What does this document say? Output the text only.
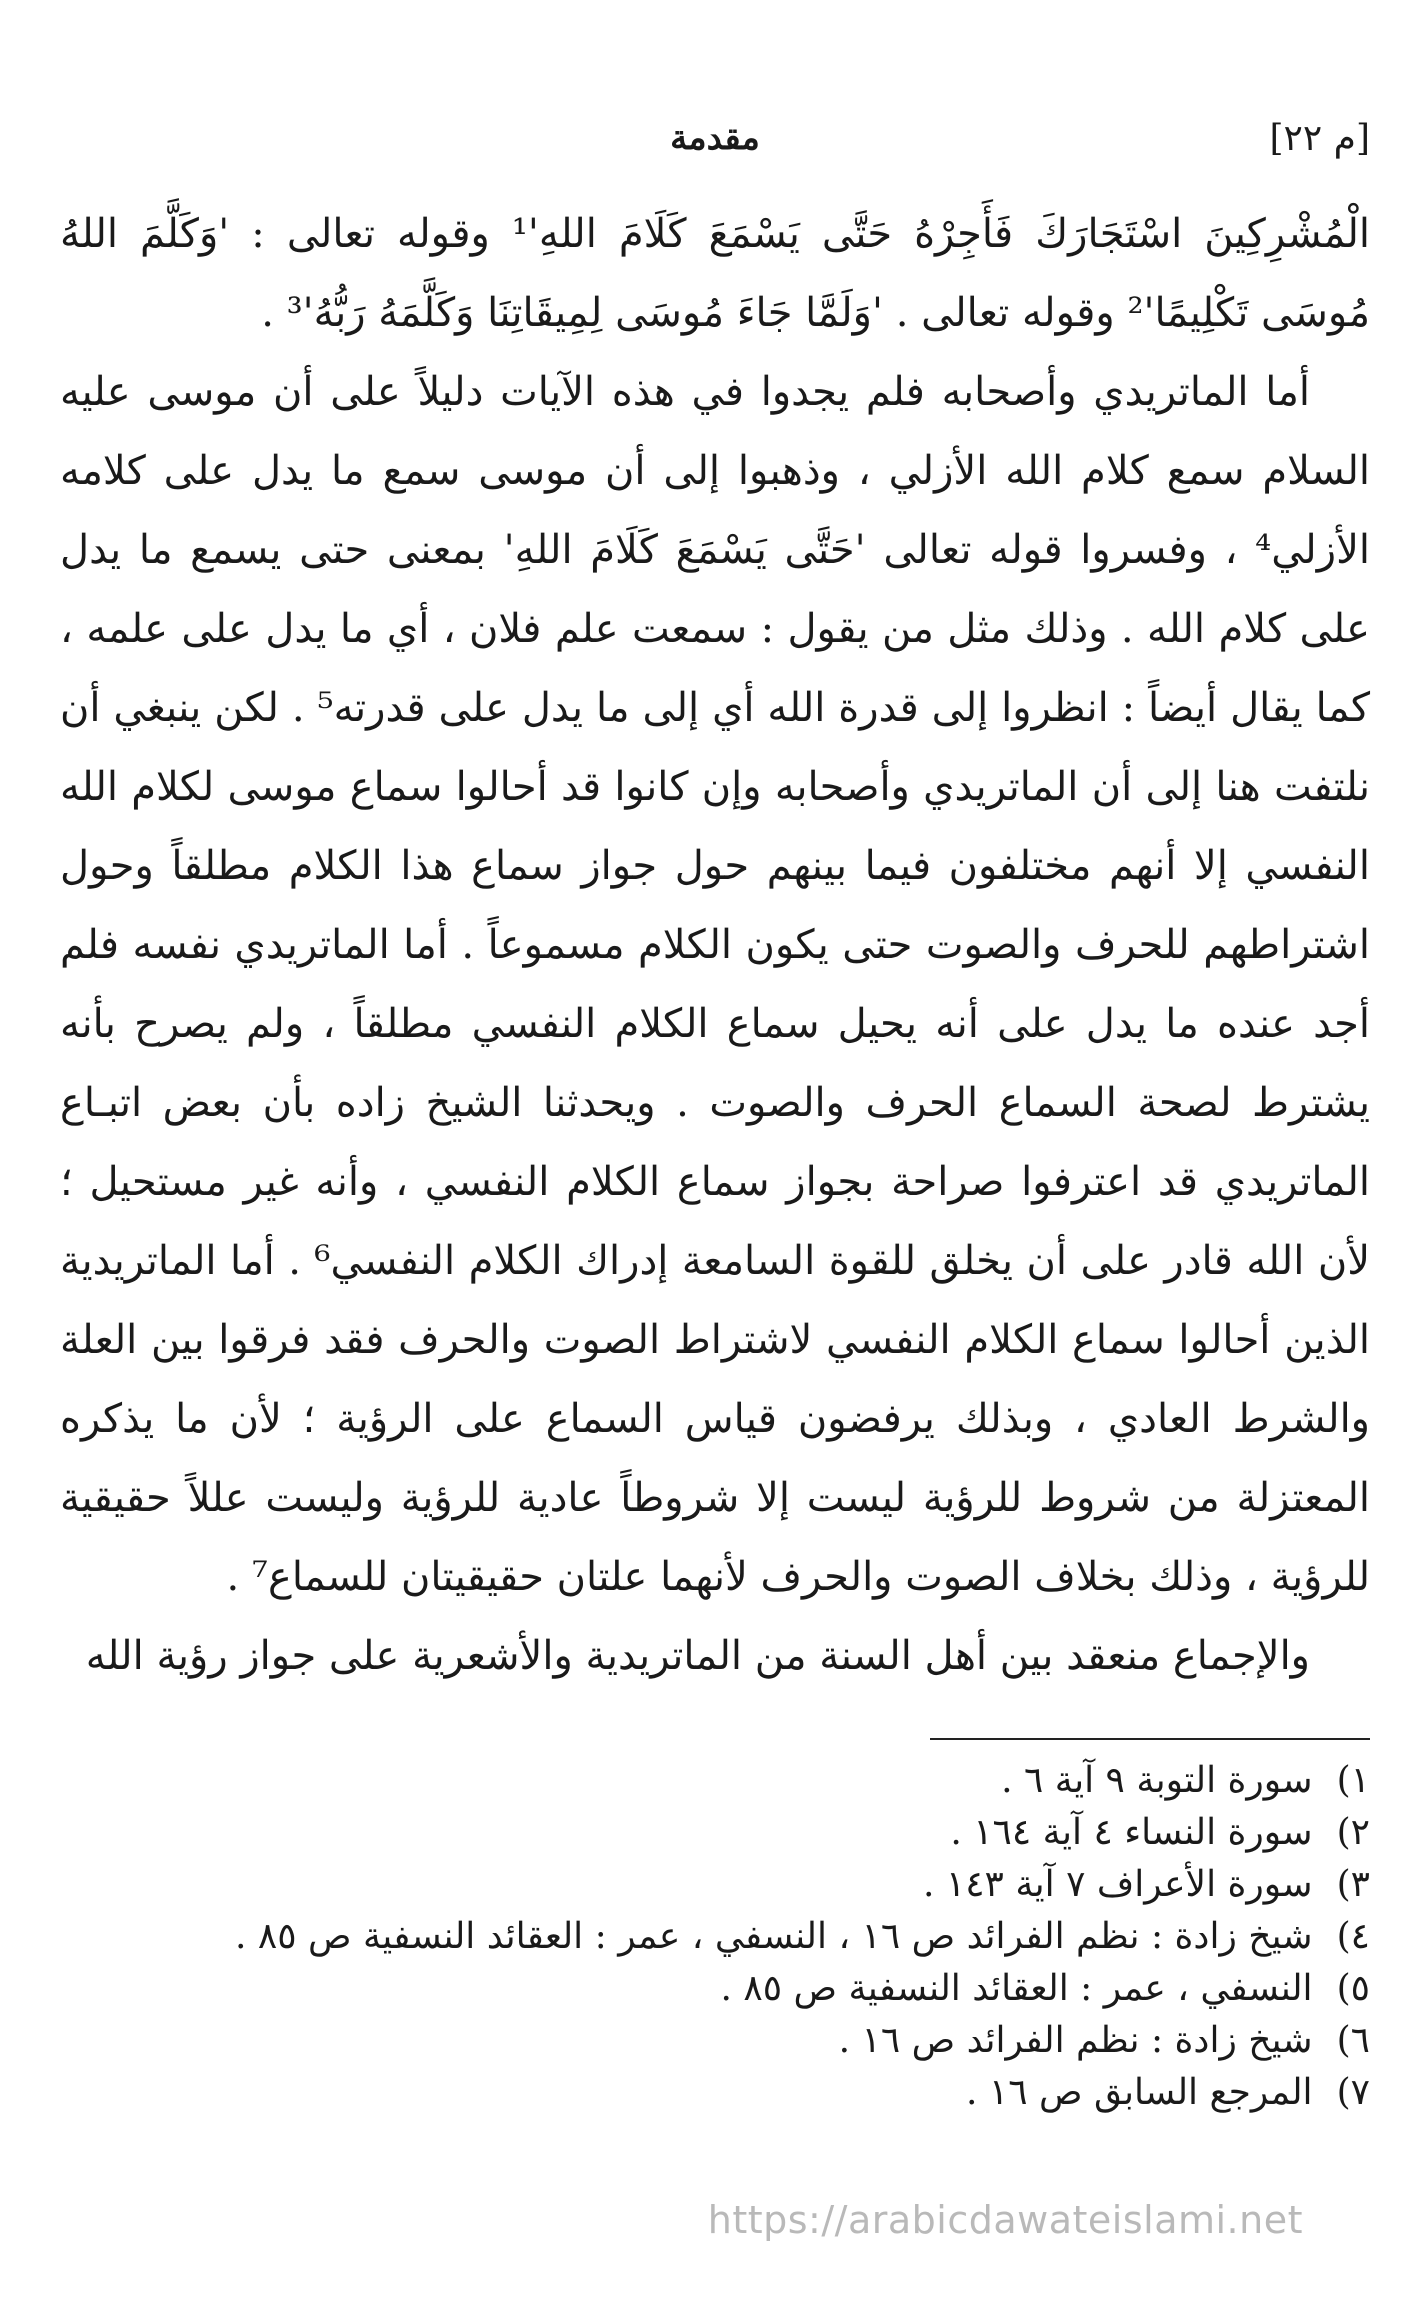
[م ٢٢]
مقدمة

الْمُشْرِكِينَ اسْتَجَارَكَ فَأَجِرْهُ حَتَّى يَسْمَعَ كَلَامَ اللهِ'¹ وقوله تعالى : 'وَكَلَّمَ اللهُ مُوسَى تَكْلِيمًا'² وقوله تعالى . 'وَلَمَّا جَاءَ مُوسَى لِمِيقَاتِنَا وَكَلَّمَهُ رَبُّهُ'³ .

أما الماتريدي وأصحابه فلم يجدوا في هذه الآيات دليلاً على أن موسى عليه السلام سمع كلام الله الأزلي ، وذهبوا إلى أن موسى سمع ما يدل على كلامه الأزلي⁴ ، وفسروا قوله تعالى 'حَتَّى يَسْمَعَ كَلَامَ اللهِ' بمعنى حتى يسمع ما يدل على كلام الله . وذلك مثل من يقول : سمعت علم فلان ، أي ما يدل على علمه ، كما يقال أيضاً : انظروا إلى قدرة الله أي إلى ما يدل على قدرته⁵ . لكن ينبغي أن نلتفت هنا إلى أن الماتريدي وأصحابه وإن كانوا قد أحالوا سماع موسى لكلام الله النفسي إلا أنهم مختلفون فيما بينهم حول جواز سماع هذا الكلام مطلقاً وحول اشتراطهم للحرف والصوت حتى يكون الكلام مسموعاً . أما الماتريدي نفسه فلم أجد عنده ما يدل على أنه يحيل سماع الكلام النفسي مطلقاً ، ولم يصرح بأنه يشترط لصحة السماع الحرف والصوت . ويحدثنا الشيخ زاده بأن بعض اتبـاع الماتريدي قد اعترفوا صراحة بجواز سماع الكلام النفسي ، وأنه غير مستحيل ؛ لأن الله قادر على أن يخلق للقوة السامعة إدراك الكلام النفسي⁶ . أما الماتريدية الذين أحالوا سماع الكلام النفسي لاشتراط الصوت والحرف فقد فرقوا بين العلة والشرط العادي ، وبذلك يرفضون قياس السماع على الرؤية ؛ لأن ما يذكره المعتزلة من شروط للرؤية ليست إلا شروطاً عادية للرؤية وليست عللاً حقيقية للرؤية ، وذلك بخلاف الصوت والحرف لأنهما علتان حقيقيتان للسماع⁷ .

والإجماع منعقد بين أهل السنة من الماتريدية والأشعرية على جواز رؤية الله

١) سورة التوبة ٩ آية ٦ .
٢) سورة النساء ٤ آية ١٦٤ .
٣) سورة الأعراف ٧ آية ١٤٣ .
٤) شيخ زادة : نظم الفرائد ص ١٦ ، النسفي ، عمر : العقائد النسفية ص ٨٥ .
٥) النسفي ، عمر : العقائد النسفية ص ٨٥ .
٦) شيخ زادة : نظم الفرائد ص ١٦ .
٧) المرجع السابق ص ١٦ .
https://arabicdawateislami.net
